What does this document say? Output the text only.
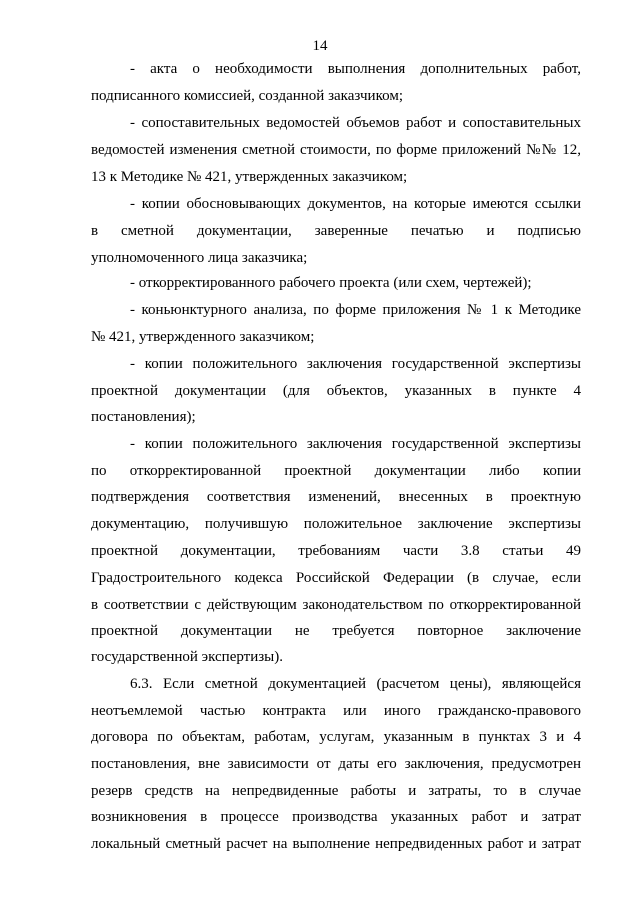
14
- акта о необходимости выполнения дополнительных работ,
подписанного комиссией, созданной заказчиком;
- сопоставительных ведомостей объемов работ и сопоставительных
ведомостей изменения сметной стоимости, по форме приложений №№ 12,
13 к Методике № 421, утвержденных заказчиком;
- копии обосновывающих документов, на которые имеются ссылки
в сметной документации, заверенные печатью и подписью
уполномоченного лица заказчика;
- откорректированного рабочего проекта (или схем, чертежей);
- коньюнктурного анализа, по форме приложения № 1 к Методике
№ 421, утвержденного заказчиком;
- копии положительного заключения государственной экспертизы
проектной документации (для объектов, указанных в пункте 4
постановления);
- копии положительного заключения государственной экспертизы
по откорректированной проектной документации либо копии
подтверждения соответствия изменений, внесенных в проектную
документацию, получившую положительное заключение экспертизы
проектной документации, требованиям части 3.8 статьи 49
Градостроительного кодекса Российской Федерации (в случае, если
в соответствии с действующим законодательством по откорректированной
проектной документации не требуется повторное заключение
государственной экспертизы).
6.3. Если сметной документацией (расчетом цены), являющейся
неотъемлемой частью контракта или иного гражданско-правового
договора по объектам, работам, услугам, указанным в пунктах 3 и 4
постановления, вне зависимости от даты его заключения, предусмотрен
резерв средств на непредвиденные работы и затраты, то в случае
возникновения в процессе производства указанных работ и затрат
локальный сметный расчет на выполнение непредвиденных работ и затрат
